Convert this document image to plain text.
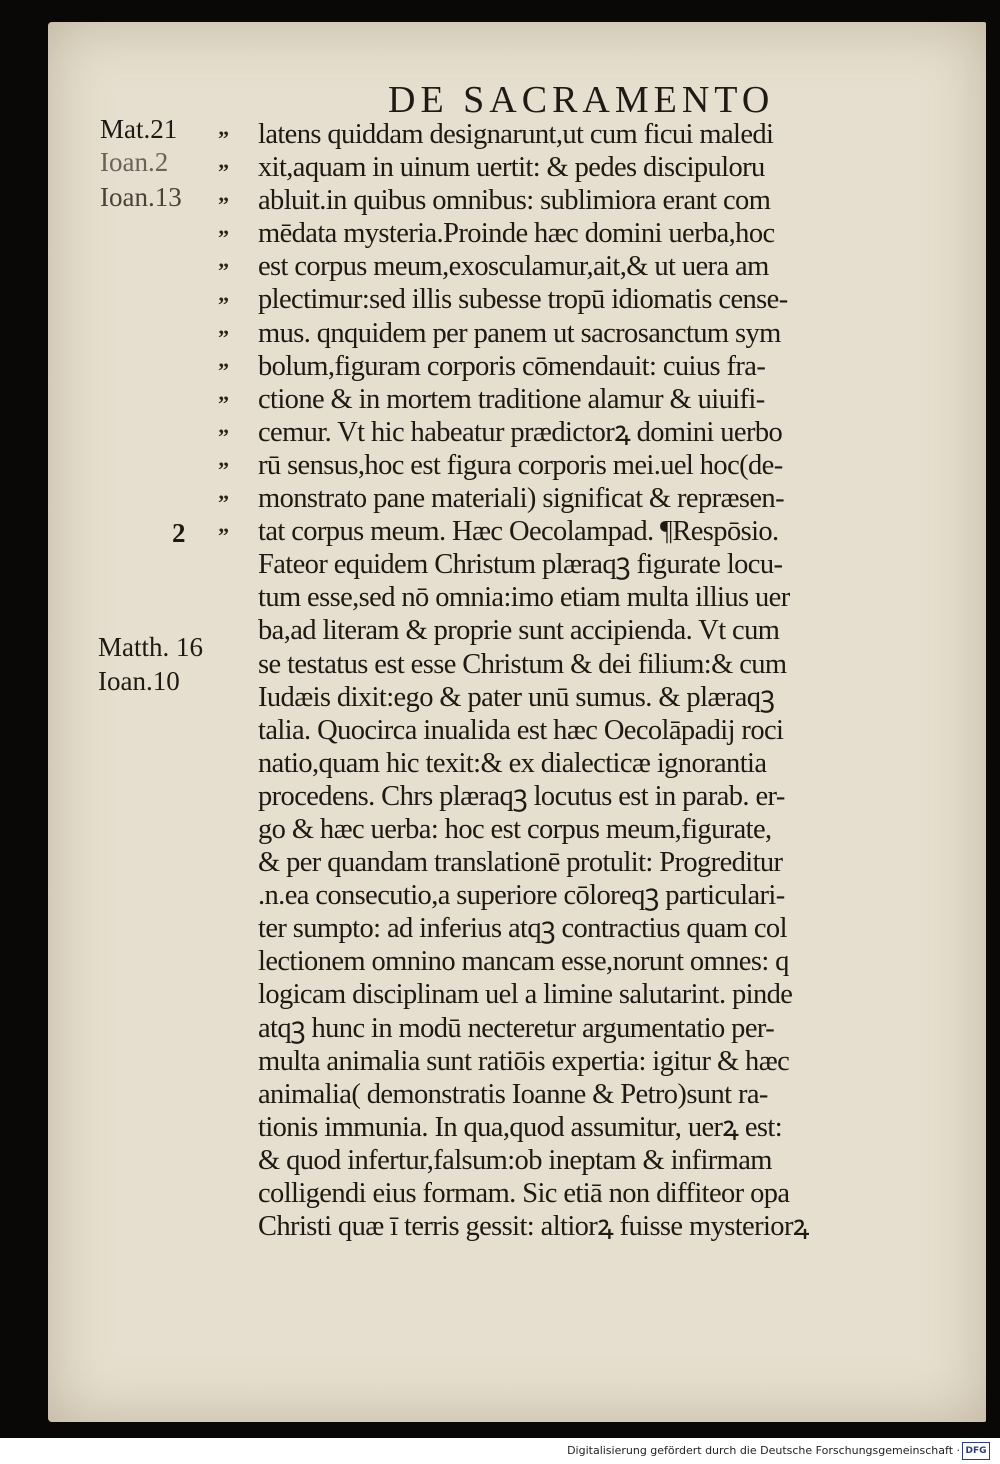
DE SACRAMENTO
Mat.21
Ioan.2
Ioan.13
2
Matth. 16
Ioan.10
”
”
”
”
”
”
”
”
”
”
”
”
”
latens quiddam designarunt,ut cum ficui maledi
xit,aquam in uinum uertit: & pedes discipuloru
abluit.in quibus omnibus: sublimiora erant com
mēdata mysteria.Proinde hæc domini uerba,hoc
est corpus meum,exosculamur,ait,& ut uera am
plectimur:sed illis subesse tropū idiomatis cense-
mus. qnquidem per panem ut sacrosanctum sym
bolum,figuram corporis cōmendauit: cuius fra-
ctione & in mortem traditione alamur & uiuifi-
cemur. Vt hic habeatur prædictorꝝ domini uerbo
rū sensus,hoc est figura corporis mei.uel hoc(de-
monstrato pane materiali) significat & repræsen-
tat corpus meum. Hæc Oecolampad. ¶Respōsio.
Fateor equidem Christum plæraqꝫ figurate locu-
tum esse,sed nō omnia:imo etiam multa illius uer
ba,ad literam & proprie sunt accipienda. Vt cum
se testatus est esse Christum & dei filium:& cum
Iudæis dixit:ego & pater unū sumus. & plæraqꝫ
talia. Quocirca inualida est hæc Oecolāpadij roci
natio,quam hic texit:& ex dialecticæ ignorantia
procedens. Chrs plæraqꝫ locutus est in parab. er-
go & hæc uerba: hoc est corpus meum,figurate,
& per quandam translationē protulit: Progreditur
.n.ea consecutio,a superiore cōloreqꝫ particulari-
ter sumpto: ad inferius atqꝫ contractius quam col
lectionem omnino mancam esse,norunt omnes: q
logicam disciplinam uel a limine salutarint. pinde
atqꝫ hunc in modū necteretur argumentatio per-
multa animalia sunt ratiōis expertia: igitur & hæc
animalia( demonstratis Ioanne & Petro)sunt ra-
tionis immunia. In qua,quod assumitur, uerꝝ est:
& quod infertur,falsum:ob ineptam & infirmam
colligendi eius formam. Sic etiā non diffiteor opa
Christi quæ ī terris gessit: altiorꝝ fuisse mysteriorꝝ
Digitalisierung gefördert durch die Deutsche Forschungsgemeinschaft · DFG
